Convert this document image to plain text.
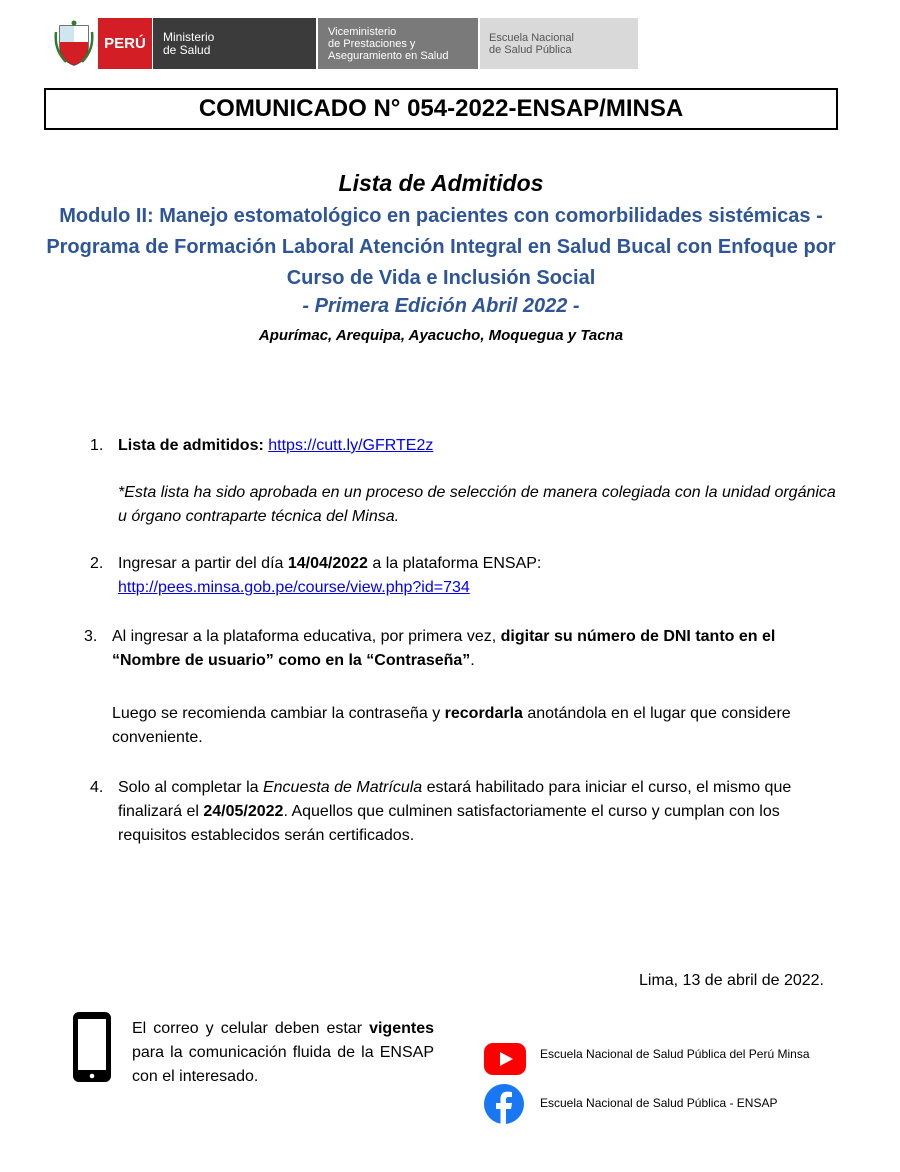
PERÚ Ministerio
de Salud
Viceministerio
de Prestaciones y
Aseguramiento en Salud
Escuela Nacional
de Salud Pública
COMUNICADO N° 054-2022-ENSAP/MINSA
Lista de Admitidos
Modulo II: Manejo estomatológico en pacientes con comorbilidades sistémicas - Programa de Formación Laboral Atención Integral en Salud Bucal con Enfoque por Curso de Vida e Inclusión Social
- Primera Edición Abril 2022 -
Apurímac, Arequipa, Ayacucho, Moquegua y Tacna
1. Lista de admitidos: https://cutt.ly/GFRTE2z
*Esta lista ha sido aprobada en un proceso de selección de manera colegiada con la unidad orgánica u órgano contraparte técnica del Minsa.
2. Ingresar a partir del día 14/04/2022 a la plataforma ENSAP:
http://pees.minsa.gob.pe/course/view.php?id=734
3. Al ingresar a la plataforma educativa, por primera vez, digitar su número de DNI tanto en el “Nombre de usuario” como en la “Contraseña”.
Luego se recomienda cambiar la contraseña y recordarla anotándola en el lugar que considere conveniente.
4. Solo al completar la Encuesta de Matrícula estará habilitado para iniciar el curso, el mismo que finalizará el 24/05/2022. Aquellos que culminen satisfactoriamente el curso y cumplan con los requisitos establecidos serán certificados.
Lima, 13 de abril de 2022.
El correo y celular deben estar vigentes para la comunicación fluida de la ENSAP con el interesado.
Escuela Nacional de Salud Pública del Perú Minsa
Escuela Nacional de Salud Pública - ENSAP
